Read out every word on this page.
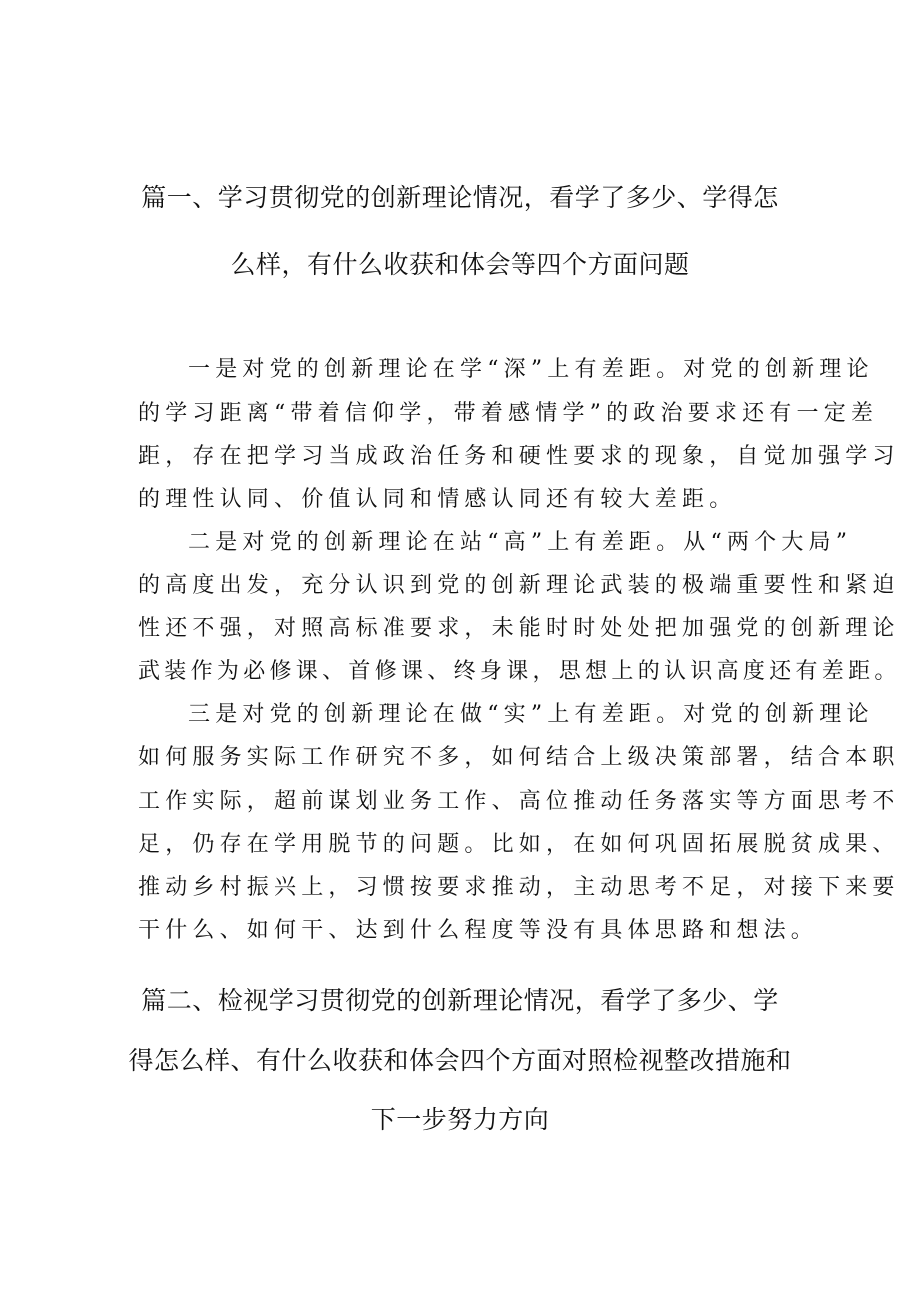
篇一、学习贯彻党的创新理论情况，看学了多少、学得怎
么样，有什么收获和体会等四个方面问题

一是对党的创新理论在学“深”上有差距。对党的创新理论

的学习距离“带着信仰学，带着感情学”的政治要求还有一定差

距，存在把学习当成政治任务和硬性要求的现象，自觉加强学习

的理性认同、价值认同和情感认同还有较大差距。

二是对党的创新理论在站“高”上有差距。从“两个大局”

的高度出发，充分认识到党的创新理论武装的极端重要性和紧迫

性还不强，对照高标准要求，未能时时处处把加强党的创新理论

武装作为必修课、首修课、终身课，思想上的认识高度还有差距。

三是对党的创新理论在做“实”上有差距。对党的创新理论

如何服务实际工作研究不多，如何结合上级决策部署，结合本职

工作实际，超前谋划业务工作、高位推动任务落实等方面思考不

足，仍存在学用脱节的问题。比如，在如何巩固拓展脱贫成果、

推动乡村振兴上，习惯按要求推动，主动思考不足，对接下来要

干什么、如何干、达到什么程度等没有具体思路和想法。

篇二、检视学习贯彻党的创新理论情况，看学了多少、学
得怎么样、有什么收获和体会四个方面对照检视整改措施和
下一步努力方向
